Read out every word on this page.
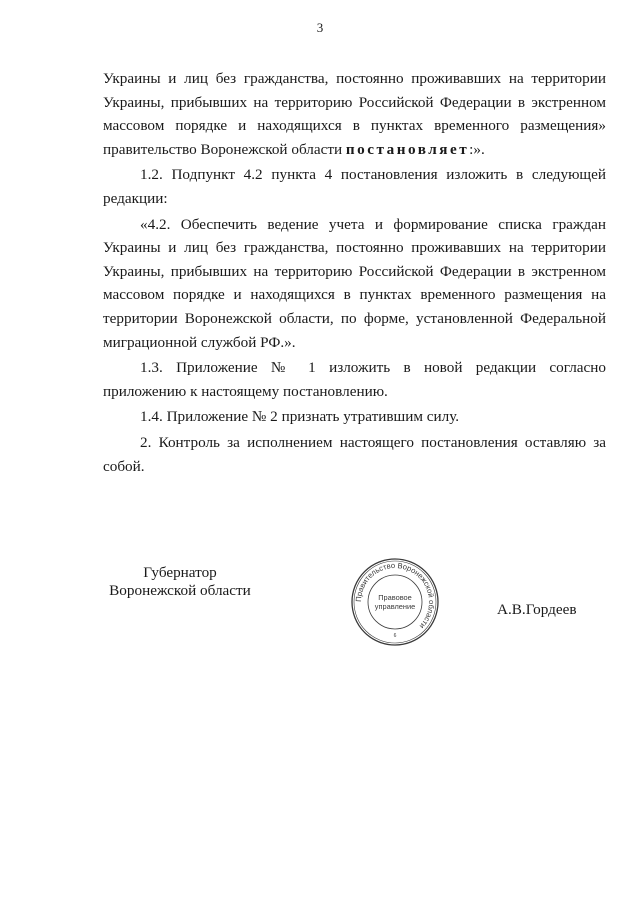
3

Украины и лиц без гражданства, постоянно проживавших на территории Украины, прибывших на территорию Российской Федерации в экстренном массовом порядке и находящихся в пунктах временного размещения» правительство Воронежской области постановляет:».

1.2. Подпункт 4.2 пункта 4 постановления изложить в следующей редакции:

«4.2. Обеспечить ведение учета и формирование списка граждан Украины и лиц без гражданства, постоянно проживавших на территории Украины, прибывших на территорию Российской Федерации в экстренном массовом порядке и находящихся в пунктах временного размещения на территории Воронежской области, по форме, установленной Федеральной миграционной службой РФ.».

1.3. Приложение № 1 изложить в новой редакции согласно приложению к настоящему постановлению.

1.4. Приложение № 2 признать утратившим силу.

2. Контроль за исполнением настоящего постановления оставляю за собой.

Губернатор
Воронежской области
Правительство Воронежской области
Правовое
управление
6
А.В.Гордеев
